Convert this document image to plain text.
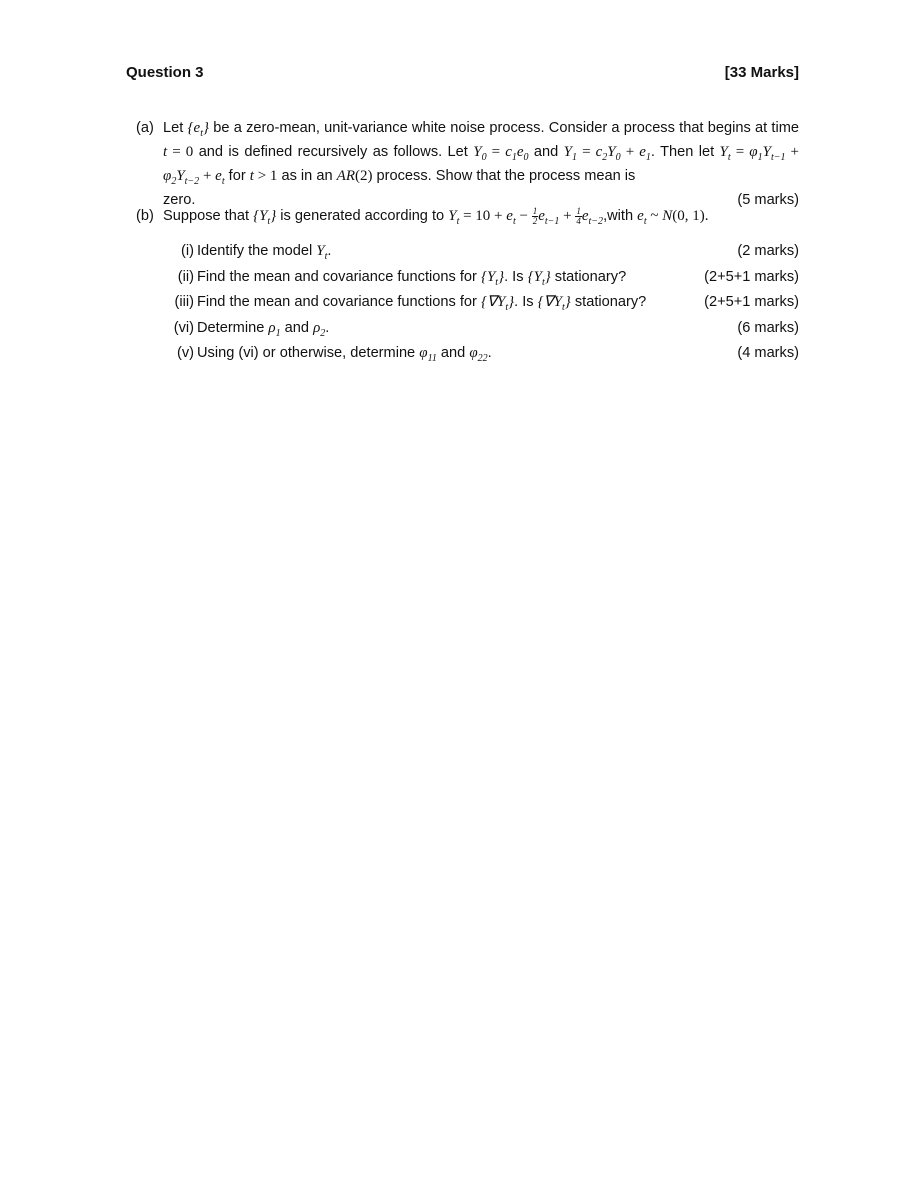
Question 3	[33 Marks]
(a) Let $\{e_t\}$ be a zero-mean, unit-variance white noise process. Consider a process that begins at time t = 0 and is defined recursively as follows. Let $Y_0 = c_1e_0$ and $Y_1 = c_2Y_0 + e_1$. Then let $Y_t = \varphi_1Y_{t-1} + \varphi_2Y_{t-2} + e_t$ for t > 1 as in an AR(2) process. Show that the process mean is
zero.	(5 marks)
(b) Suppose that $\{Y_t\}$ is generated according to $Y_t = 10 + e_t - \frac{1}{2} e_{t-1} + \frac{1}{4}$ $e_{t-2},with$ $e_t$ ~ N(0, 1).
(i) Identify the model $Y_t$.	(2 marks)
(ii) Find the mean and covariance functions for $\{Y_t\}$. Is $\{Y_t\}$ stationary?	(2+5+1 marks)
(iii) Find the mean and covariance functions for $\{\nabla Y_t\}$. Is $\{\nabla Y_t\}$ stationary?	(2+5+1 marks)
(vi) Determine $\rho_1$ and $\rho_2$.	(6 marks)
(v) Using (vi) or otherwise, determine $\varphi_{11}$ and $\varphi_{22}$.	(4 marks)
